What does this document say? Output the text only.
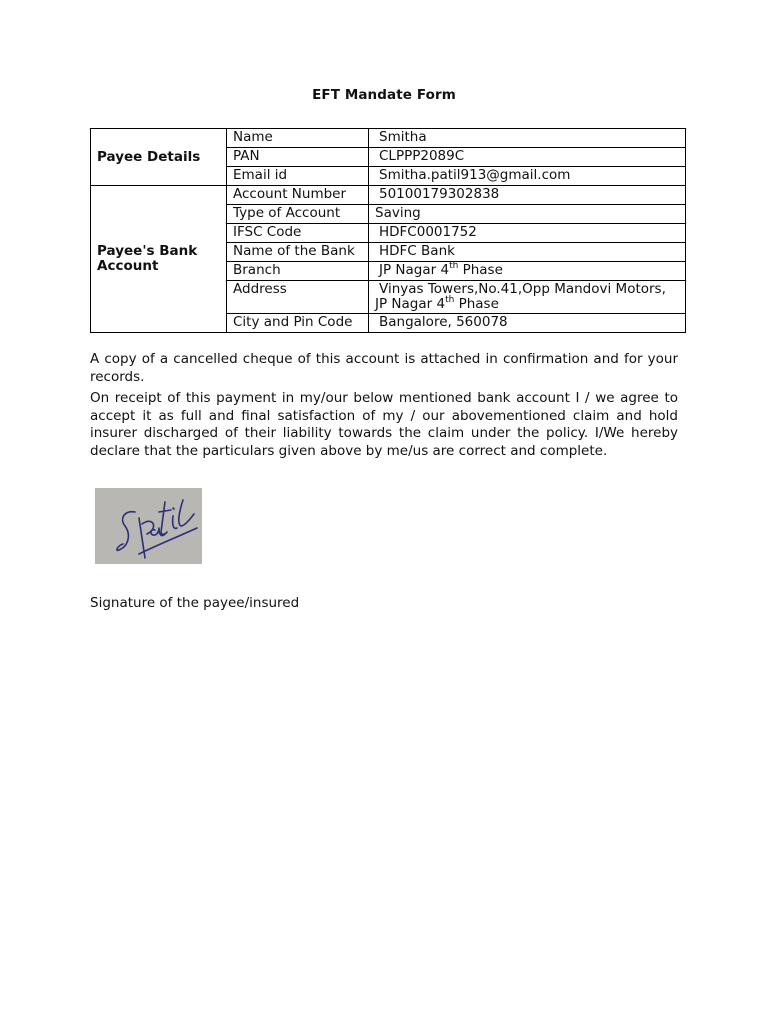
EFT Mandate Form
Payee Details	Name	Smitha
	PAN	CLPPP2089C
	Email id	Smitha.patil913@gmail.com
Payee's Bank Account	Account Number	50100179302838
	Type of Account	Saving
	IFSC Code	HDFC0001752
	Name of the Bank	HDFC Bank
	Branch	JP Nagar 4th Phase
	Address	Vinyas Towers,No.41,Opp Mandovi Motors,
JP Nagar 4th Phase
	City and Pin Code	Bangalore, 560078
A copy of a cancelled cheque of this account is attached in confirmation and for your records.
On receipt of this payment in my/our below mentioned bank account I / we agree to accept it as full and final satisfaction of my / our abovementioned claim and hold insurer discharged of their liability towards the claim under the policy. I/We hereby declare that the particulars given above by me/us are correct and complete.
Signature of the payee/insured
